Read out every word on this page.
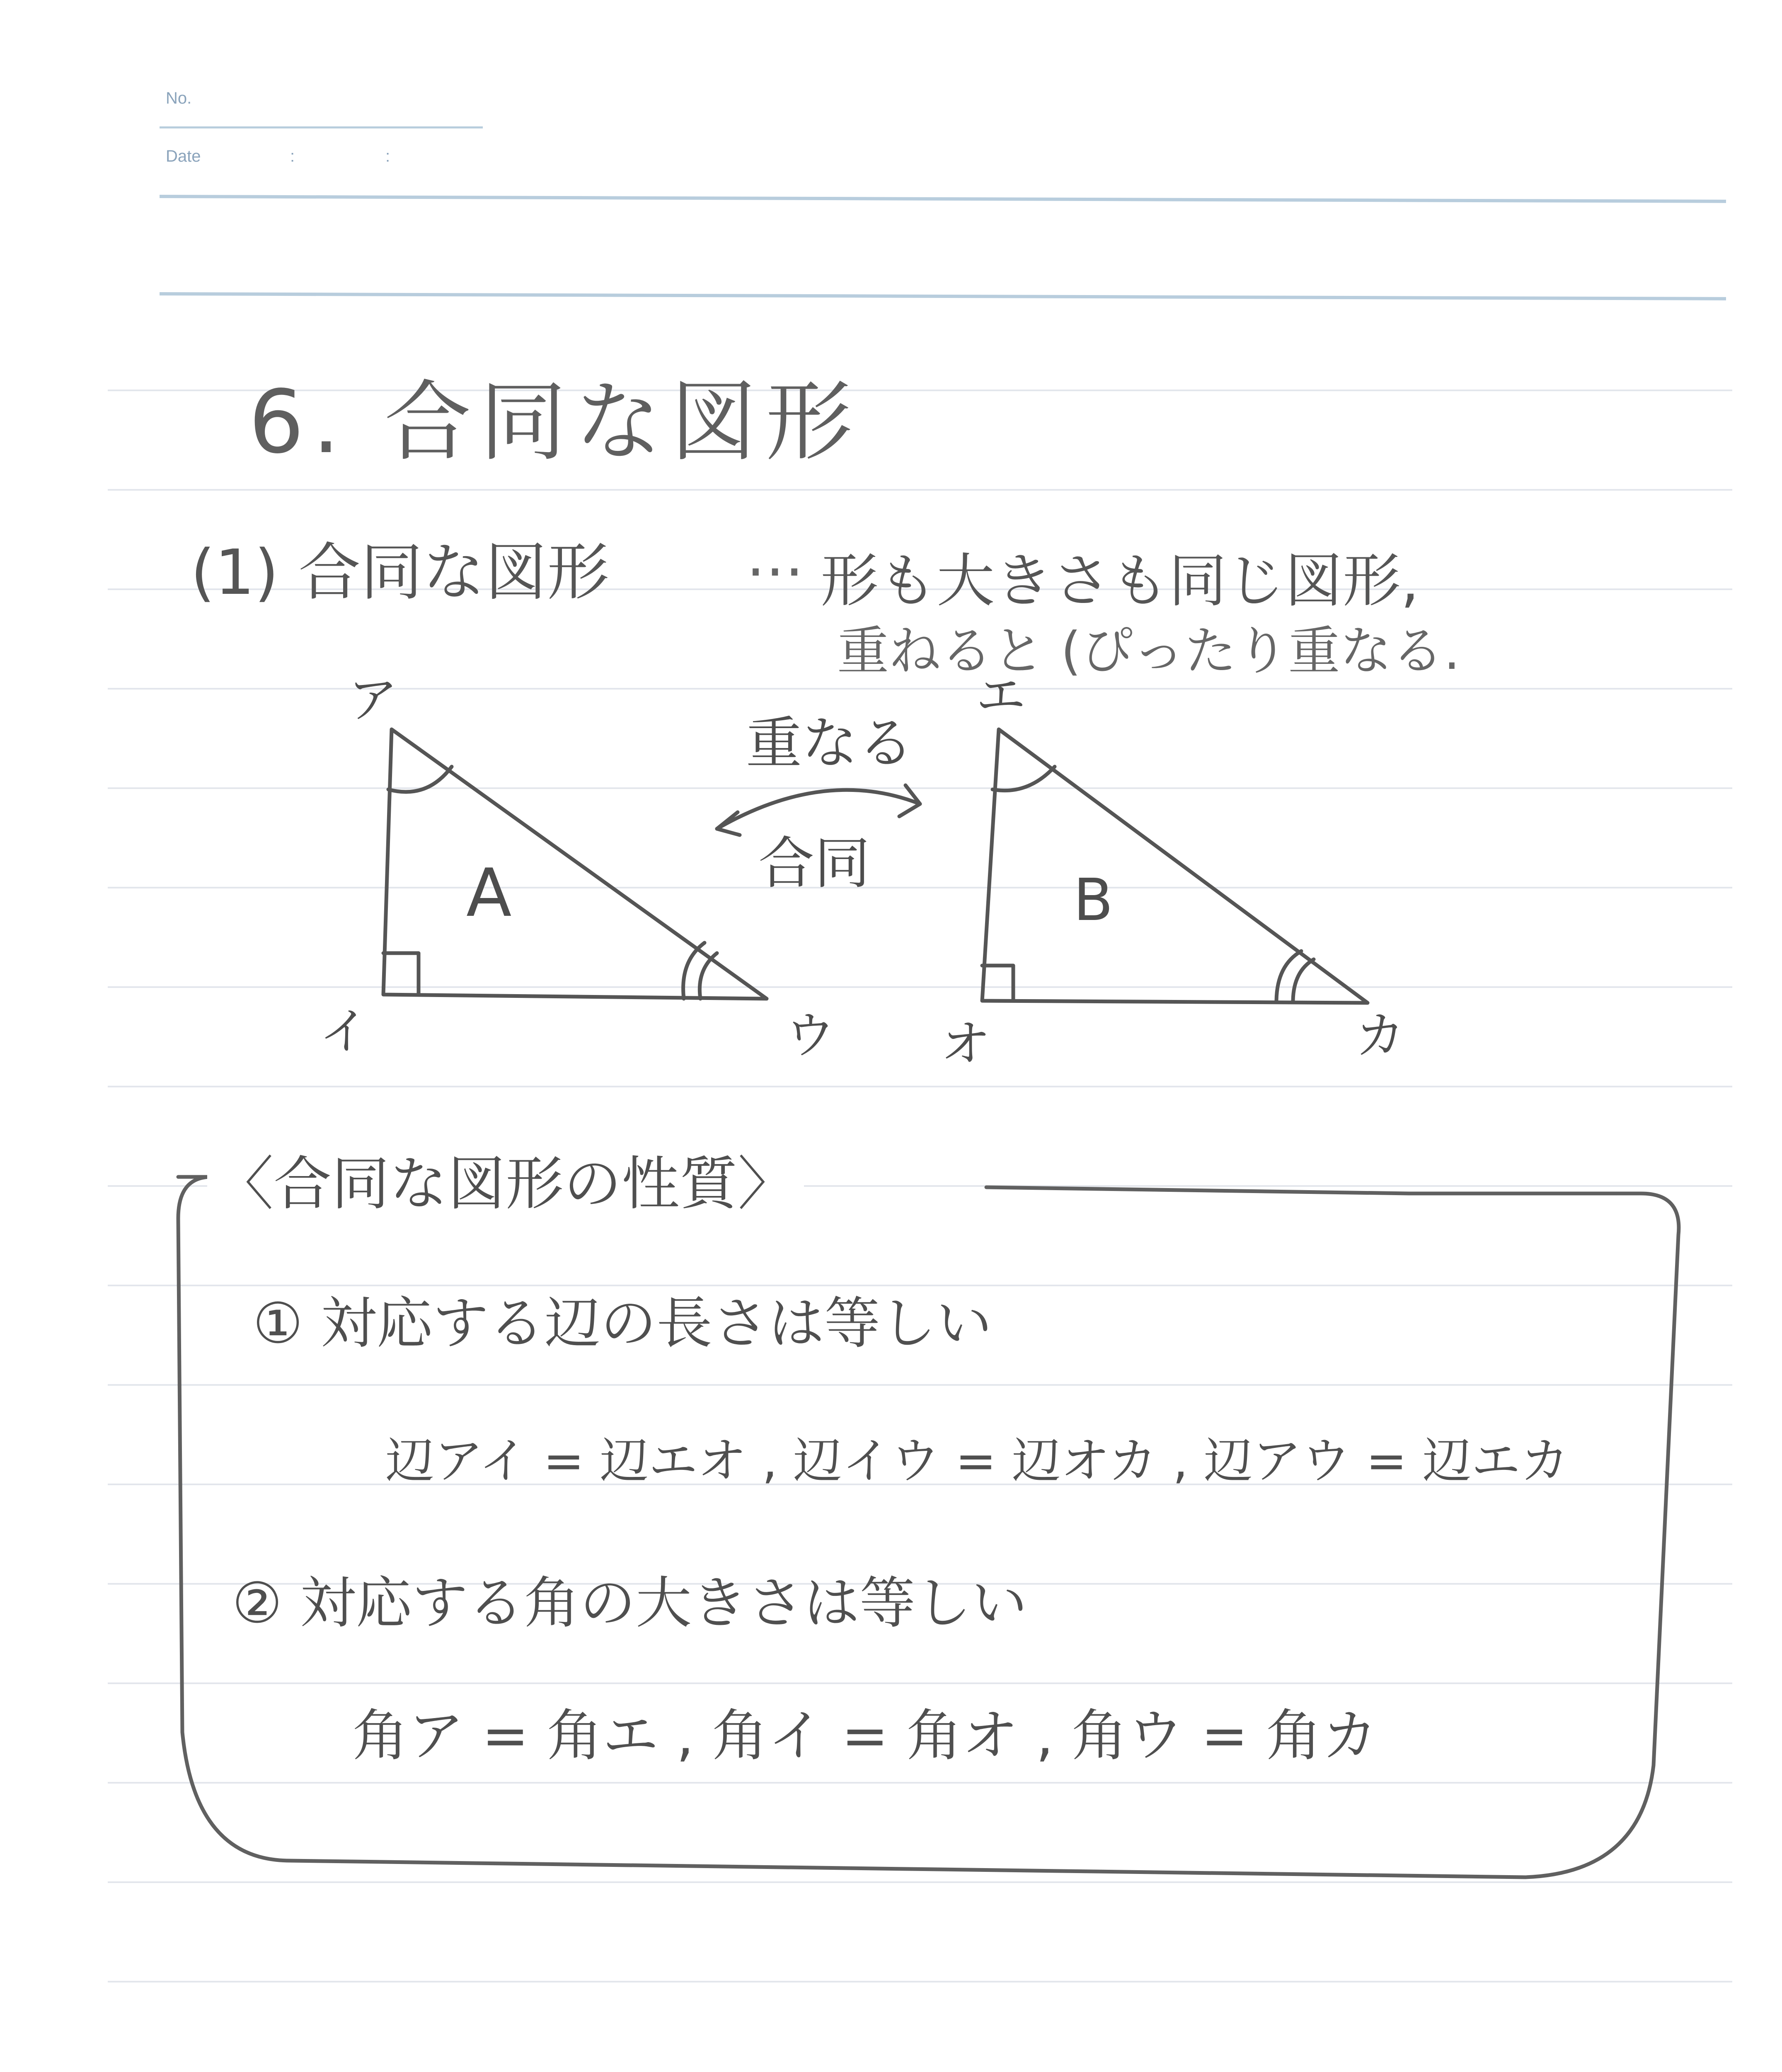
No.
Date	:	:
6. 合同な図形
(1) 合同な図形 … 形も大きさも同じ図形,
重ねると (ぴったり重なる.
A	B
ア
イ	ウ
エ
オ	カ
重なる
合同
〈合同な図形の性質〉
① 対応する辺の長さは等しい
辺アイ = 辺エオ , 辺イウ = 辺オカ , 辺アウ = 辺エカ
② 対応する角の大きさは等しい
角ア = 角エ , 角イ = 角オ , 角ウ = 角カ
